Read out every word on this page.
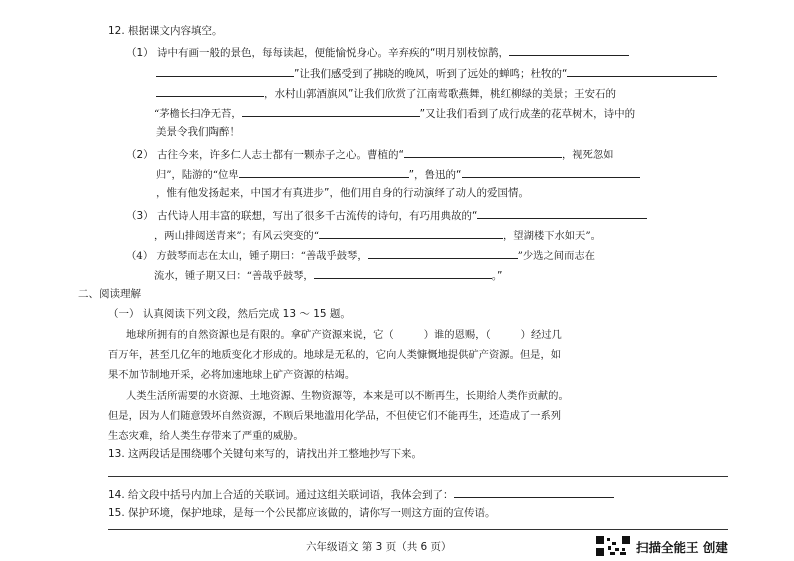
12. 根据课文内容填空。
（1） 诗中有画一般的景色，每每读起，便能愉悦身心。辛弃疾的“明月别枝惊鹊，
”让我们感受到了拂晓的晚风，听到了远处的蝉鸣；杜牧的“
，水村山郭酒旗风”让我们欣赏了江南莺歌燕舞，桃红柳绿的美景；王安石的
“茅檐长扫净无苔，	”又让我们看到了成行成垄的花草树木，诗中的
美景令我们陶醉！
（2） 古往今来，许多仁人志士都有一颗赤子之心。曹植的“	，视死忽如
归”，陆游的“位卑	”，鲁迅的“
，惟有他发扬起来，中国才有真进步”，他们用自身的行动演绎了动人的爱国情。
（3） 古代诗人用丰富的联想，写出了很多千古流传的诗句，有巧用典故的“
，两山排闼送青来”；有风云突变的“	，望湖楼下水如天”。
（4） 方鼓琴而志在太山，锺子期曰：“善哉乎鼓琴，	”少选之间而志在
流水，锺子期又曰：“善哉乎鼓琴，	。”
二、阅读理解
（一） 认真阅读下列文段，然后完成 13 ～ 15 题。
地球所拥有的自然资源也是有限的。拿矿产资源来说，它（	）谁的恩赐，（	）经过几
百万年，甚至几亿年的地质变化才形成的。地球是无私的，它向人类慷慨地提供矿产资源。但是，如
果不加节制地开采，必将加速地球上矿产资源的枯竭。
人类生活所需要的水资源、土地资源、生物资源等，本来是可以不断再生，长期给人类作贡献的。
但是，因为人们随意毁坏自然资源，不顾后果地滥用化学品，不但使它们不能再生，还造成了一系列
生态灾难，给人类生存带来了严重的威胁。
13. 这两段话是围绕哪个关键句来写的，请找出并工整地抄写下来。
14. 给文段中括号内加上合适的关联词。通过这组关联词语，我体会到了：
15. 保护环境，保护地球，是每一个公民都应该做的，请你写一则这方面的宣传语。
六年级语文 第 3 页（共 6 页）	扫描全能王 创建
